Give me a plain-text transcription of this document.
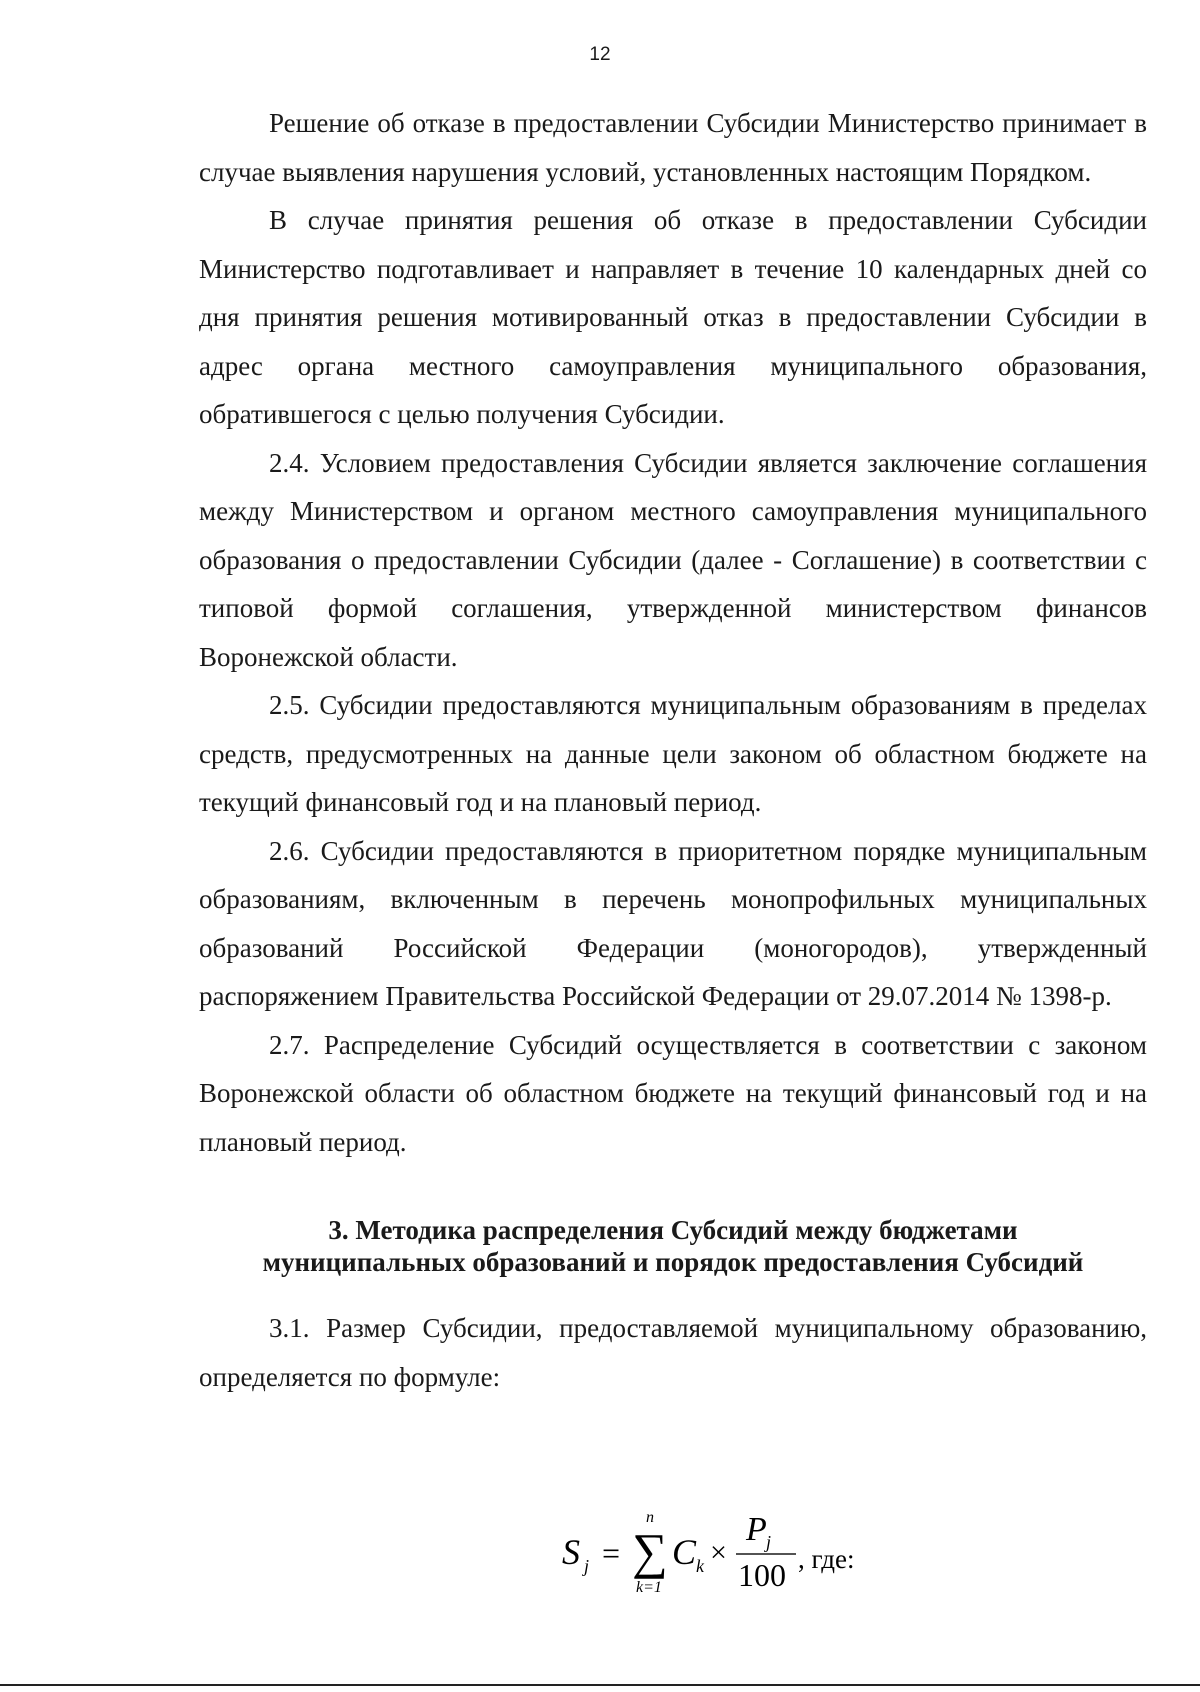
12

Решение об отказе в предоставлении Субсидии Министерство принимает в случае выявления нарушения условий, установленных настоящим Порядком.

В случае принятия решения об отказе в предоставлении Субсидии Министерство подготавливает и направляет в течение 10 календарных дней со дня принятия решения мотивированный отказ в предоставлении Субсидии в адрес органа местного самоуправления муниципального образования, обратившегося с целью получения Субсидии.

2.4. Условием предоставления Субсидии является заключение соглашения между Министерством и органом местного самоуправления муниципального образования о предоставлении Субсидии (далее - Соглашение) в соответствии с типовой формой соглашения, утвержденной министерством финансов Воронежской области.

2.5. Субсидии предоставляются муниципальным образованиям в пределах средств, предусмотренных на данные цели законом об областном бюджете на текущий финансовый год и на плановый период.

2.6. Субсидии предоставляются в приоритетном порядке муниципальным образованиям, включенным в перечень монопрофильных муниципальных образований Российской Федерации (моногородов), утвержденный распоряжением Правительства Российской Федерации от 29.07.2014 № 1398-р.

2.7. Распределение Субсидий осуществляется в соответствии с законом Воронежской области об областном бюджете на текущий финансовый год и на плановый период.

3. Методика распределения Субсидий между бюджетами
муниципальных образований и порядок предоставления Субсидий

3.1. Размер Субсидии, предоставляемой муниципальному образованию, определяется по формуле:

S j = ∑
n
k=1
C k ×
P j
100 , где:
